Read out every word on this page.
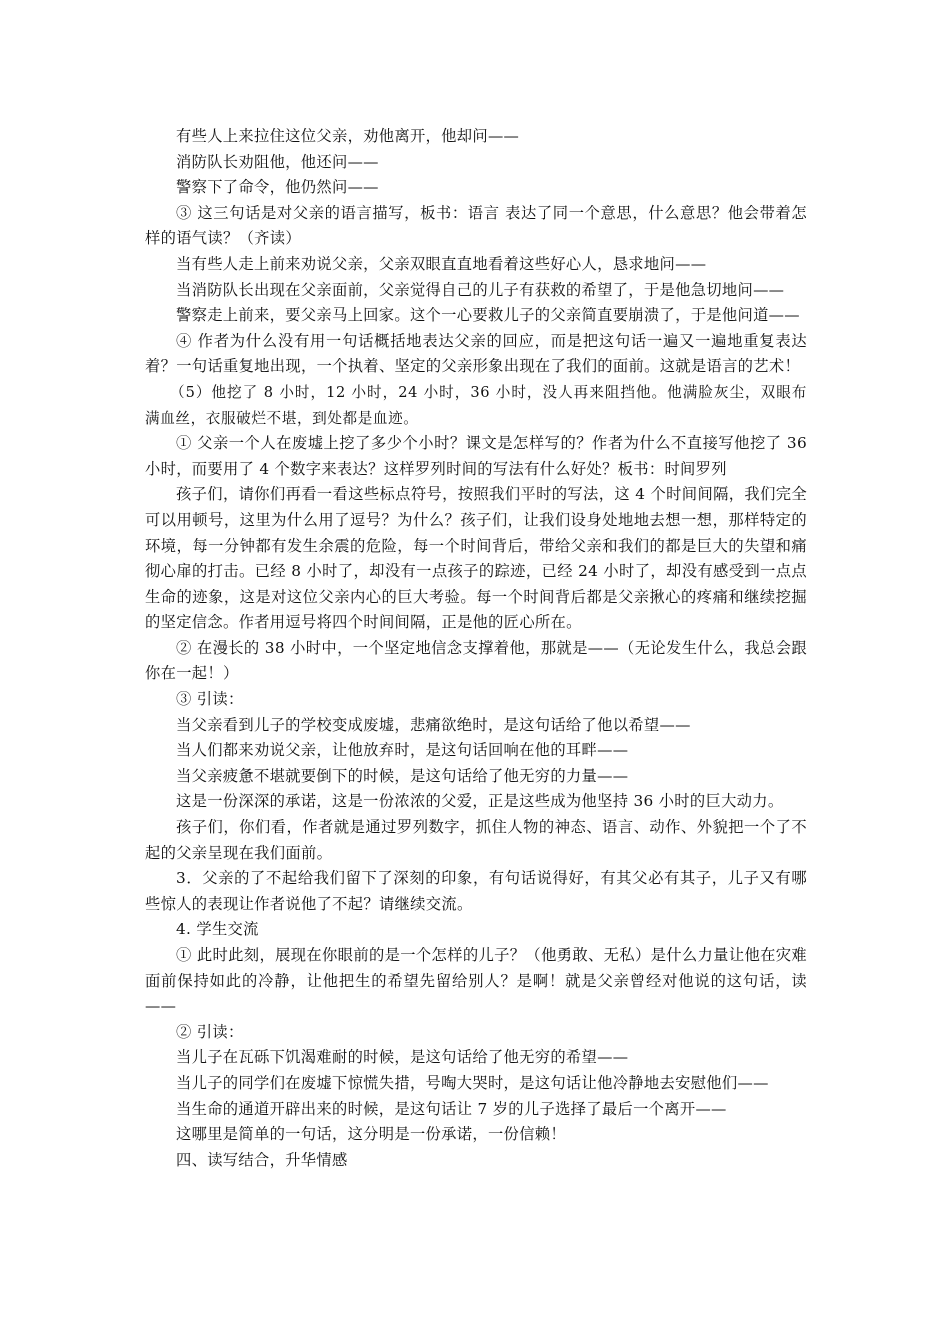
有些人上来拉住这位父亲，劝他离开，他却问——

消防队长劝阻他，他还问——

警察下了命令，他仍然问——

③ 这三句话是对父亲的语言描写，板书：语言 表达了同一个意思，什么意思？他会带着怎样的语气读？（齐读）

当有些人走上前来劝说父亲，父亲双眼直直地看着这些好心人，恳求地问——

当消防队长出现在父亲面前，父亲觉得自己的儿子有获救的希望了，于是他急切地问——

警察走上前来，要父亲马上回家。这个一心要救儿子的父亲简直要崩溃了，于是他问道——

④ 作者为什么没有用一句话概括地表达父亲的回应，而是把这句话一遍又一遍地重复表达着？一句话重复地出现，一个执着、坚定的父亲形象出现在了我们的面前。这就是语言的艺术！

（5）他挖了 8 小时，12 小时，24 小时，36 小时，没人再来阻挡他。他满脸灰尘，双眼布满血丝，衣服破烂不堪，到处都是血迹。

① 父亲一个人在废墟上挖了多少个小时？课文是怎样写的？作者为什么不直接写他挖了 36 小时，而要用了 4 个数字来表达？这样罗列时间的写法有什么好处？板书：时间罗列

孩子们，请你们再看一看这些标点符号，按照我们平时的写法，这 4 个时间间隔，我们完全可以用顿号，这里为什么用了逗号？为什么？孩子们，让我们设身处地地去想一想，那样特定的环境，每一分钟都有发生余震的危险，每一个时间背后，带给父亲和我们的都是巨大的失望和痛彻心扉的打击。已经 8 小时了，却没有一点孩子的踪迹，已经 24 小时了，却没有感受到一点点生命的迹象，这是对这位父亲内心的巨大考验。每一个时间背后都是父亲揪心的疼痛和继续挖掘的坚定信念。作者用逗号将四个时间间隔，正是他的匠心所在。

② 在漫长的 38 小时中，一个坚定地信念支撑着他，那就是——（无论发生什么，我总会跟你在一起！）

③ 引读：

当父亲看到儿子的学校变成废墟，悲痛欲绝时，是这句话给了他以希望——

当人们都来劝说父亲，让他放弃时，是这句话回响在他的耳畔——

当父亲疲惫不堪就要倒下的时候，是这句话给了他无穷的力量——

这是一份深深的承诺，这是一份浓浓的父爱，正是这些成为他坚持 36 小时的巨大动力。

孩子们，你们看，作者就是通过罗列数字，抓住人物的神态、语言、动作、外貌把一个了不起的父亲呈现在我们面前。

3．父亲的了不起给我们留下了深刻的印象，有句话说得好，有其父必有其子，儿子又有哪些惊人的表现让作者说他了不起？请继续交流。

4. 学生交流

① 此时此刻，展现在你眼前的是一个怎样的儿子？（他勇敢、无私）是什么力量让他在灾难面前保持如此的冷静，让他把生的希望先留给别人？是啊！就是父亲曾经对他说的这句话，读——

② 引读：

当儿子在瓦砾下饥渴难耐的时候，是这句话给了他无穷的希望——

当儿子的同学们在废墟下惊慌失措，号啕大哭时，是这句话让他冷静地去安慰他们——

当生命的通道开辟出来的时候，是这句话让 7 岁的儿子选择了最后一个离开——

这哪里是简单的一句话，这分明是一份承诺，一份信赖！

四、读写结合，升华情感
